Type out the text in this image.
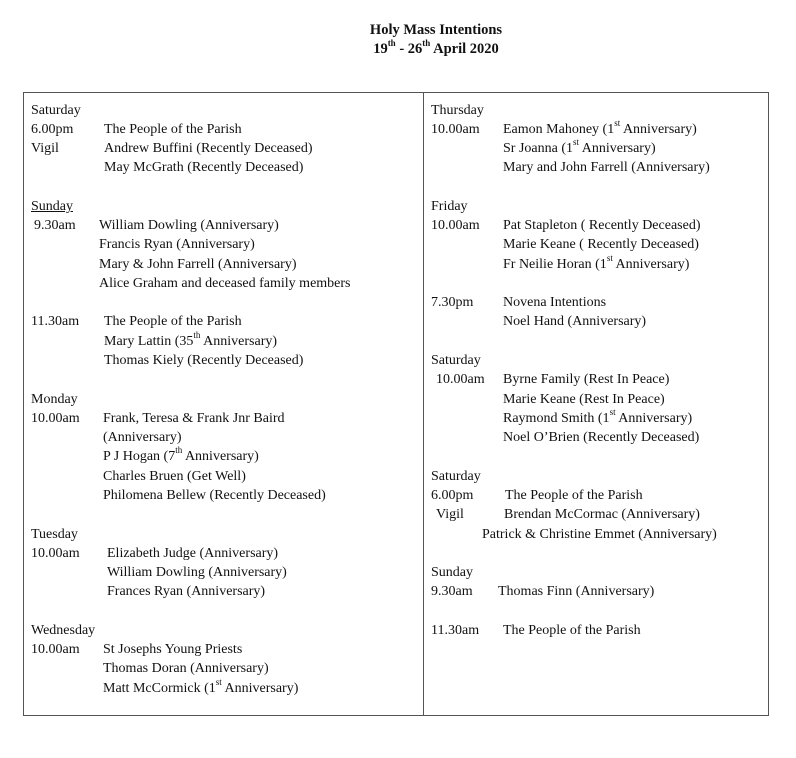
Holy Mass Intentions
19th - 26th April 2020
Saturday
6.00pm The People of the Parish
Vigil	Andrew Buffini (Recently Deceased)
May McGrath (Recently Deceased)
Sunday
9.30am William Dowling (Anniversary)
Francis Ryan (Anniversary)
Mary & John Farrell (Anniversary)
Alice Graham and deceased family members
11.30am The People of the Parish
Mary Lattin (35th Anniversary)
Thomas Kiely (Recently Deceased)
Monday
10.00am Frank, Teresa & Frank Jnr Baird
(Anniversary)
P J Hogan (7th Anniversary)
Charles Bruen (Get Well)
Philomena Bellew (Recently Deceased)
Tuesday
10.00am Elizabeth Judge (Anniversary)
William Dowling (Anniversary)
Frances Ryan (Anniversary)
Wednesday
10.00am St Josephs Young Priests
Thomas Doran (Anniversary)
Matt McCormick (1st Anniversary)
Thursday
10.00am Eamon Mahoney (1st Anniversary)
Sr Joanna (1st Anniversary)
Mary and John Farrell (Anniversary)
Friday
10.00am Pat Stapleton ( Recently Deceased)
Marie Keane ( Recently Deceased)
Fr Neilie Horan (1st Anniversary)
7.30pm Novena Intentions
Noel Hand (Anniversary)
Saturday
10.00am Byrne Family (Rest In Peace)
Marie Keane (Rest In Peace)
Raymond Smith (1st Anniversary)
Noel O’Brien (Recently Deceased)
Saturday
6.00pm The People of the Parish
Vigil	Brendan McCormac (Anniversary)
Patrick & Christine Emmet (Anniversary)
Sunday
9.30am Thomas Finn (Anniversary)
11.30am The People of the Parish
